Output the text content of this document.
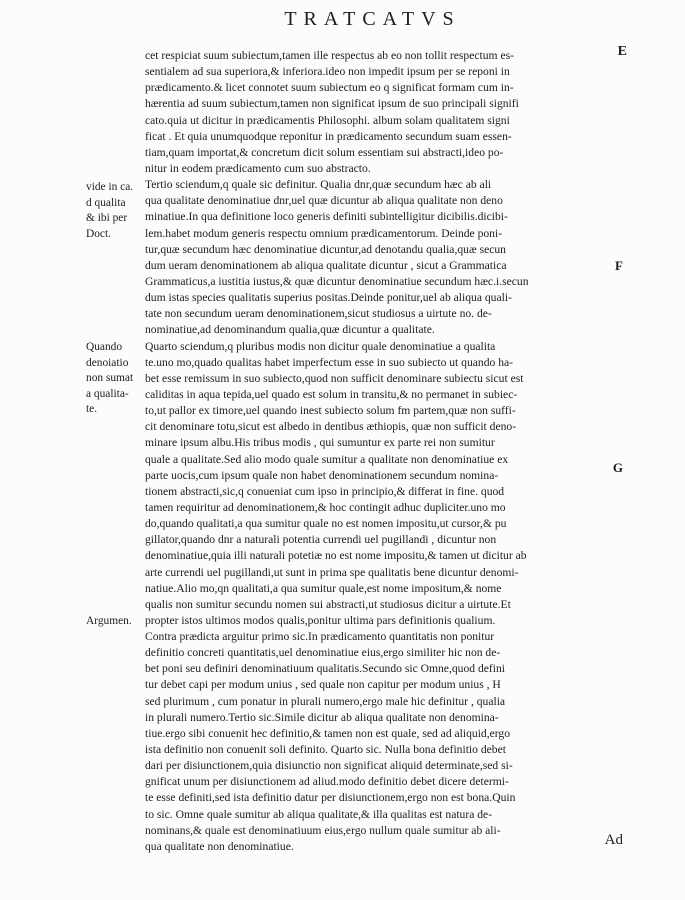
TRATCATVS
E
cet respiciat suum subiectum,tamen ille respectus ab eo non tollit respectum es-
sentialem ad sua superiora,& inferiora.ideo non impedit ipsum per se reponi in
prædicamento.& licet connotet suum subiectum eo q significat formam cum in-
hærentia ad suum subiectum,tamen non significat ipsum de suo principali signifi
cato.quia ut dicitur in prædicamentis Philosophi. album solam qualitatem signi
ficat . Et quia unumquodque reponitur in prædicamento secundum suam essen-
tiam,quam importat,& concretum dicit solum essentiam sui abstracti,ideo po-
nitur in eodem prædicamento cum suo abstracto.
Tertio sciendum,q quale sic definitur. Qualia dnr,quæ secundum hæc ab ali
qua qualitate denominatiue dnr,uel quæ dicuntur ab aliqua qualitate non deno
minatiue.In qua definitione loco generis definiti subintelligitur dicibilis.dicibi-
lem.habet modum generis respectu omnium prædicamentorum. Deinde poni-
tur,quæ secundum hæc denominatiue dicuntur,ad denotandu qualia,quæ secun
dum ueram denominationem ab aliqua qualitate dicuntur , sicut a Grammatica
Grammaticus,a iustitia iustus,& quæ dicuntur denominatiue secundum hæc.i.secun
dum istas species qualitatis superius positas.Deinde ponitur,uel ab aliqua quali-
tate non secundum ueram denominationem,sicut studiosus a uirtute no. de-
nominatiue,ad denominandum qualia,quæ dicuntur a qualitate.
Quarto sciendum,q pluribus modis non dicitur quale denominatiue a qualita
te.uno mo,quado qualitas habet imperfectum esse in suo subiecto ut quando ha-
bet esse remissum in suo subiecto,quod non sufficit denominare subiectu sicut est
caliditas in aqua tepida,uel quado est solum in transitu,& no permanet in subiec-
to,ut pallor ex timore,uel quando inest subiecto solum fm partem,quæ non suffi-
cit denominare totu,sicut est albedo in dentibus æthiopis, quæ non sufficit deno-
minare ipsum albu.His tribus modis , qui sumuntur ex parte rei non sumitur
quale a qualitate.Sed alio modo quale sumitur a qualitate non denominatiue ex
parte uocis,cum ipsum quale non habet denominationem secundum nomina-
tionem abstracti,sic,q conueniat cum ipso in principio,& differat in fine. quod
tamen requiritur ad denominationem,& hoc contingit adhuc dupliciter.uno mo
do,quando qualitati,a qua sumitur quale no est nomen impositu,ut cursor,& pu
gillator,quando dnr a naturali potentia currendi uel pugillandi , dicuntur non
denominatiue,quia illi naturali potetiæ no est nome impositu,& tamen ut dicitur ab
arte currendi uel pugillandi,ut sunt in prima spe qualitatis bene dicuntur denomi-
natiue.Alio mo,qn qualitati,a qua sumitur quale,est nome impositum,& nome
qualis non sumitur secundu nomen sui abstracti,ut studiosus dicitur a uirtute.Et
propter istos ultimos modos qualis,ponitur ultima pars definitionis qualium.
Contra prædicta arguitur primo sic.In prædicamento quantitatis non ponitur
definitio concreti quantitatis,uel denominatiue eius,ergo similiter hic non de-
bet poni seu definiri denominatiuum qualitatis.Secundo sic Omne,quod defini
tur debet capi per modum unius , sed quale non capitur per modum unius , H
sed plurimum , cum ponatur in plurali numero,ergo male hic definitur , qualia
in plurali numero.Tertio sic.Simile dicitur ab aliqua qualitate non denomina-
tiue.ergo sibi conuenit hec definitio,& tamen non est quale, sed ad aliquid,ergo
ista definitio non conuenit soli definito. Quarto sic. Nulla bona definitio debet
dari per disiunctionem,quia disiunctio non significat aliquid determinate,sed si-
gnificat unum per disiunctionem ad aliud.modo definitio debet dicere determi-
te esse definiti,sed ista definitio datur per disiunctionem,ergo non est bona.Quin
to sic. Omne quale sumitur ab aliqua qualitate,& illa qualitas est natura de-
nominans,& quale est denominatiuum eius,ergo nullum quale sumitur ab ali-
qua qualitate non denominatiue.
vide in ca.
d qualita
& ibi per
Doct.
Quando
denoiatio
non sumat
a qualita-
te.
Argumen.
F
G
Ad
